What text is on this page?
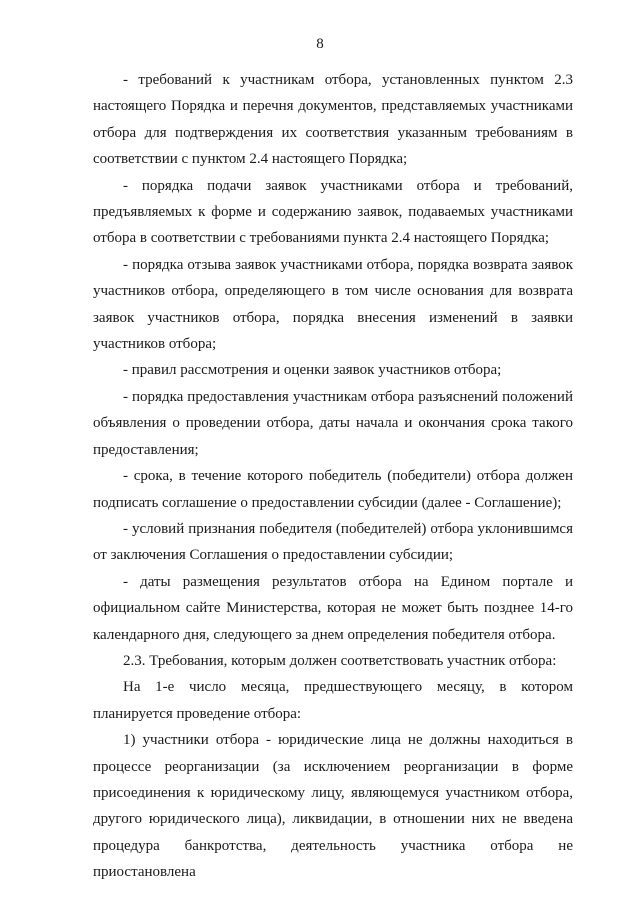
8

- требований к участникам отбора, установленных пунктом 2.3 настоящего Порядка и перечня документов, представляемых участниками отбора для подтверждения их соответствия указанным требованиям в соответствии с пунктом 2.4 настоящего Порядка;

- порядка подачи заявок участниками отбора и требований, предъявляемых к форме и содержанию заявок, подаваемых участниками отбора в соответствии с требованиями пункта 2.4 настоящего Порядка;

- порядка отзыва заявок участниками отбора, порядка возврата заявок участников отбора, определяющего в том числе основания для возврата заявок участников отбора, порядка внесения изменений в заявки участников отбора;

- правил рассмотрения и оценки заявок участников отбора;

- порядка предоставления участникам отбора разъяснений положений объявления о проведении отбора, даты начала и окончания срока такого предоставления;

- срока, в течение которого победитель (победители) отбора должен подписать соглашение о предоставлении субсидии (далее - Соглашение);

- условий признания победителя (победителей) отбора уклонившимся от заключения Соглашения о предоставлении субсидии;

- даты размещения результатов отбора на Едином портале и официальном сайте Министерства, которая не может быть позднее 14-го календарного дня, следующего за днем определения победителя отбора.

2.3. Требования, которым должен соответствовать участник отбора:

На 1-е число месяца, предшествующего месяцу, в котором планируется проведение отбора:

1) участники отбора - юридические лица не должны находиться в процессе реорганизации (за исключением реорганизации в форме присоединения к юридическому лицу, являющемуся участником отбора, другого юридического лица), ликвидации, в отношении них не введена процедура банкротства, деятельность участника отбора не приостановлена
